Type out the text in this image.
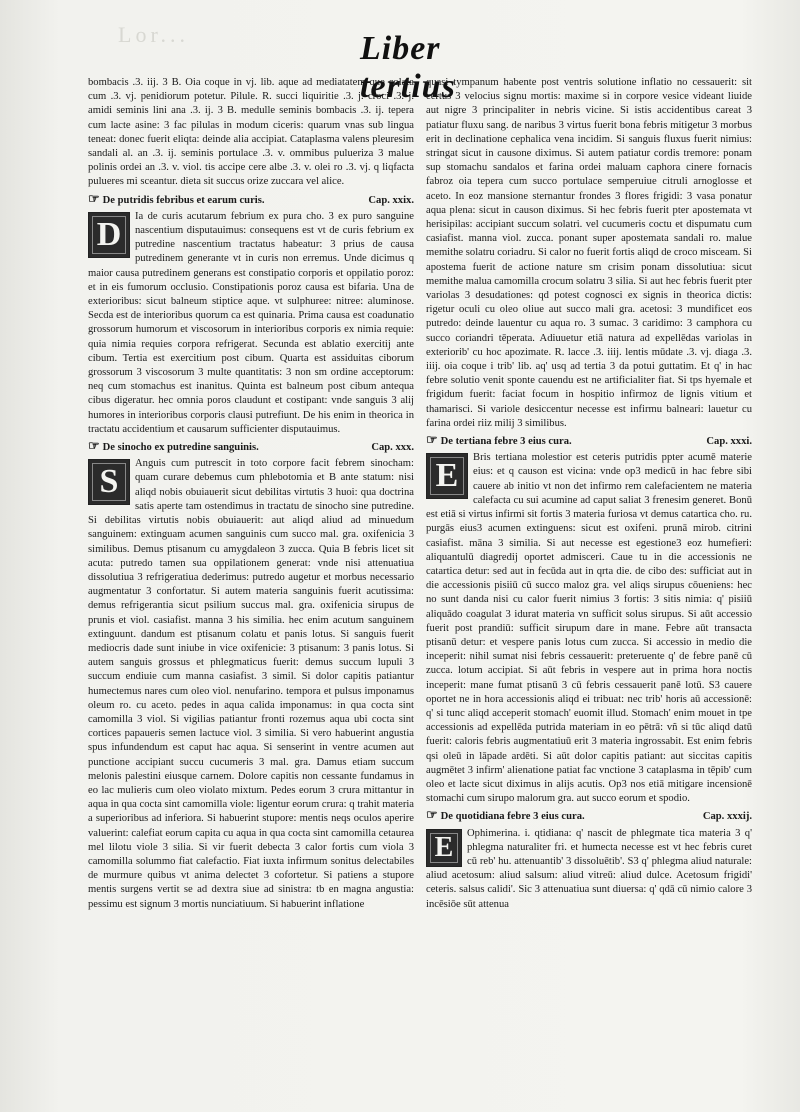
Lor...	Liber tertius

bombacis .3. iij. 3 B. Oia coque in vj. lib. aque ad mediatatem que colata cum .3. vj. penidiorum potetur. Pilule. R. succi liquiritie .3. j. croci .3. j. amidi seminis lini ana .3. ij. 3 B. medulle seminis bombacis .3. ij. tepera cum lacte asine: 3 fac pilulas in modum ciceris: quarum vnas sub lingua teneat: donec fuerit eliqta: deinde alia accipiat. Cataplasma valens pleuresim sandali al. an .3. ij. seminis portulace .3. v. ommibus pulueriza 3 malue polinis ordei an .3. v. viol. tis accipe cere albe .3. v. olei ro .3. vj. q liqfacta pulueres mi sceantur. dieta sit succus orize zuccara vel alice.

☞ De putridis febribus et earum curis.	Cap. xxix.

D	Ia de curis acutarum febrium ex pura cho. 3 ex puro sanguine nascentium disputauimus: consequens est vt de curis febrium ex putredine nascentium tractatus habeatur: 3 prius de causa putredinem generante vt in curis non erremus. Unde dicimus q maior causa putredinem generans est constipatio corporis et oppilatio poroz: et in eis fumorum occlusio. Constipationis poroz causa est bifaria. Una de exterioribus: sicut balneum stiptice aque. vt sulphuree: nitree: aluminose. Secda est de interioribus quorum ca est quinaria. Prima causa est coadunatio grossorum humorum et viscosorum in interioribus corporis ex nimia requie: quia nimia requies corpora refrigerat. Secunda est ablatio exercitij ante cibum. Tertia est exercitium post cibum. Quarta est assiduitas ciborum grossorum 3 viscosorum 3 multe quantitatis: 3 non sm ordine acceptorum: neq cum stomachus est inanitus. Quinta est balneum post cibum antequa cibus digeratur. hec omnia poros claudunt et costipant: vnde sanguis 3 alij humores in interioribus corporis clausi putrefiunt. De his enim in theorica in tractatu accidentium et causarum sufficienter disputauimus.

☞ De sinocho ex putredine sanguinis.	Cap. xxx.

S	Anguis cum putrescit in toto corpore facit febrem sinocham: quam curare debemus cum phlebotomia et B ante statum: nisi aliqd nobis obuiauerit sicut debilitas virtutis 3 huoi: qua doctrina satis aperte tam ostendimus in tractatu de sinocho sine putredine. Si debilitas virtutis nobis obuiauerit: aut aliqd aliud ad minuedum sanguinem: extinguam acumen sanguinis cum succo mal. gra. oxifenicia 3 similibus. Demus ptisanum cu amygdaleon 3 zucca. Quia B febris licet sit acuta: putredo tamen sua oppilationem generat: vnde nisi attenuatiua dissolutiua 3 refrigeratiua dederimus: putredo augetur et morbus necessario augmentatur 3 confortatur. Si autem materia sanguinis fuerit acutissima: demus refrigerantia sicut psilium succus mal. gra. oxifenicia sirupus de prunis et viol. casiafist. manna 3 his similia. hec enim acutum sanguinem extinguunt. dandum est ptisanum colatu et panis lotus. Si sanguis fuerit mediocris dade sunt iniube in vice oxifenicie: 3 ptisanum: 3 panis lotus. Si autem sanguis grossus et phlegmaticus fuerit: demus succum lupuli 3 succum endiuie cum manna casiafist. 3 simil. Si dolor capitis patiantur humectemus nares cum oleo viol. nenufarino. tempora et pulsus imponamus oleum ro. cu aceto. pedes in aqua calida imponamus: in qua cocta sint camomilla 3 viol. Si vigilias patiantur fronti rozemus aqua ubi cocta sint cortices papaueris semen lactuce viol. 3 similia. Si vero habuerint angustia spus infundendum est caput hac aqua. Si senserint in ventre acumen aut punctione accipiant succu cucumeris 3 mal. gra. Damus etiam succum melonis palestini eiusque carnem. Dolore capitis non cessante fundamus in eo lac mulieris cum oleo violato mixtum. Pedes eorum 3 crura mittantur in aqua in qua cocta sint camomilla viole: ligentur eorum crura: q trahit materia a superioribus ad inferiora. Si habuerint stupore: mentis neqs oculos aperire valuerint: calefiat eorum capita cu aqua in qua cocta sint camomilla cetaurea mel lilotu viole 3 silia. Si vir fuerit debecta 3 calor fortis cum viola 3 camomilla solummo fiat calefactio. Fiat iuxta infirmum sonitus delectabiles de murmure quibus vt anima delectet 3 cofortetur. Si patiens a stupore mentis surgens vertit se ad dextra siue ad sinistra: tb en magna angustia: pessimu est signum 3 mortis nunciatiuum. Si habuerint inflatione

quasi tympanum habente post ventris solutione inflatio no cessauerit: sit certus 3 velocius signu mortis: maxime si in corpore vesice videant liuide aut nigre 3 principaliter in nebris vicine. Si istis accidentibus careat 3 patiatur fluxu sang. de naribus 3 virtus fuerit bona febris mitigetur 3 morbus erit in declinatione cephalica vena incidim. Si sanguis fluxus fuerit nimius: stringat sicut in causone diximus. Si autem patiatur cordis tremore: ponam sup stomachu sandalos et farina ordei maluam caphora cinere fornacis fabroz oia tepera cum succo portulace semperuiue citruli arnoglosse et aceto. In eoz mansione sternantur frondes 3 flores frigidi: 3 vasa ponatur aqua plena: sicut in causon diximus. Si hec febris fuerit pter apostemata vt herisipilas: accipiant succum solatri. vel cucumeris coctu et dispumatu cum casiafist. manna viol. zucca. ponant super apostemata sandali ro. malue memithe solatru coriadru. Si calor no fuerit fortis aliqd de croco misceam. Si apostema fuerit de actione nature sm crisim ponam dissolutiua: sicut memithe malua camomilla crocum solatru 3 silia. Si aut hec febris fuerit pter variolas 3 desudationes: qd potest cognosci ex signis in theorica dictis: rigetur oculi cu oleo oliue aut succo mali gra. acetosi: 3 mundificet eos putredo: deinde lauentur cu aqua ro. 3 sumac. 3 caridimo: 3 camphora cu succo coriandri tēperata. Adiuuetur etiā natura ad expellēdas variolas in exteriorib' cu hoc apozimate. R. lacce .3. iiij. lentis mūdate .3. vj. diaga .3. iiij. oia coque i trib' lib. aq' usq ad tertia 3 da potui guttatim. Et q' in hac febre solutio venit sponte cauendu est ne artificialiter fiat. Si tps hyemale et frigidum fuerit: faciat focum in hospitio infirmoz de lignis vitium et thamarisci. Si variole desiccentur necesse est infirmu balneari: lauetur cu farina ordei riiz milij 3 similibus.

☞ De tertiana febre 3 eius cura.	Cap. xxxi.

E	Bris tertiana molestior est ceteris putridis ppter acumē materie eius: et q causon est vicina: vnde op3 medicū in hac febre sibi cauere ab initio vt non det infirmo rem calefacientem ne materia calefacta cu sui acumine ad caput saliat 3 frenesim generet. Bonū est etiā si virtus infirmi sit fortis 3 materia furiosa vt demus catartica cho. ru. purgās eius3 acumen extinguens: sicut est oxifeni. prunā mirob. citrini casiafist. māna 3 similia. Si aut necesse est egestione3 eoz humefieri: aliquantulū diagredij oportet admisceri. Caue tu in die accessionis ne catartica detur: sed aut in fecūda aut in qrta die. de cibo des: sufficiat aut in die accessionis pisiiū cū succo maloz gra. vel aliqs sirupus cōueniens: hec no sunt danda nisi cu calor fuerit nimius 3 fortis: 3 sitis nimia: q' pisiiū aliquādo coagulat 3 idurat materia vn sufficit solus sirupus. Si aūt accessio fuerit post prandiū: sufficit sirupum dare in mane. Febre aūt transacta ptisanū detur: et vespere panis lotus cum zucca. Si accessio in medio die inceperit: nihil sumat nisi febris cessauerit: preteruente q' de febre panē cū zucca. lotum accipiat. Si aūt febris in vespere aut in prima hora noctis inceperit: mane fumat ptisanū 3 cū febris cessauerit panē lotū. S3 cauere oportet ne in hora accessionis aliqd ei tribuat: nec trib' horis aū accessionē: q' si tunc aliqd acceperit stomach' euomit illud. Stomach' enim mouet in tpe accessionis ad expellēda putrida materiam in eo pētrā: vñ si tūc aliqd datū fuerit: caloris febris augmentatiuū erit 3 materia ingrossabit. Est enim febris qsi oleū in lāpade ardēti. Si aūt dolor capitis patiant: aut siccitas capitis augmētet 3 infirm' alienatione patiat fac vnctione 3 cataplasma in tēpib' cum oleo et lacte sicut diximus in alijs acutis. Op3 nos etiā mitigare incensionē stomachi cum sirupo malorum gra. aut succo eorum et spodio.

☞ De quotidiana febre 3 eius cura.	Cap. xxxij.

E	Ophimerina. i. qtidiana: q' nascit de phlegmate tica materia 3 q' phlegma naturaliter fri. et humecta necesse est vt hec febris curet cū reb' hu. attenuantib' 3 dissoluētib'. S3 q' phlegma aliud naturale: aliud acetosum: aliud salsum: aliud vitreū: aliud dulce. Acetosum frigidi' ceteris. salsus calidi'. Sic 3 attenuatiua sunt diuersa: q' qdā cū nimio calore 3 incēsiōe sūt attenua
